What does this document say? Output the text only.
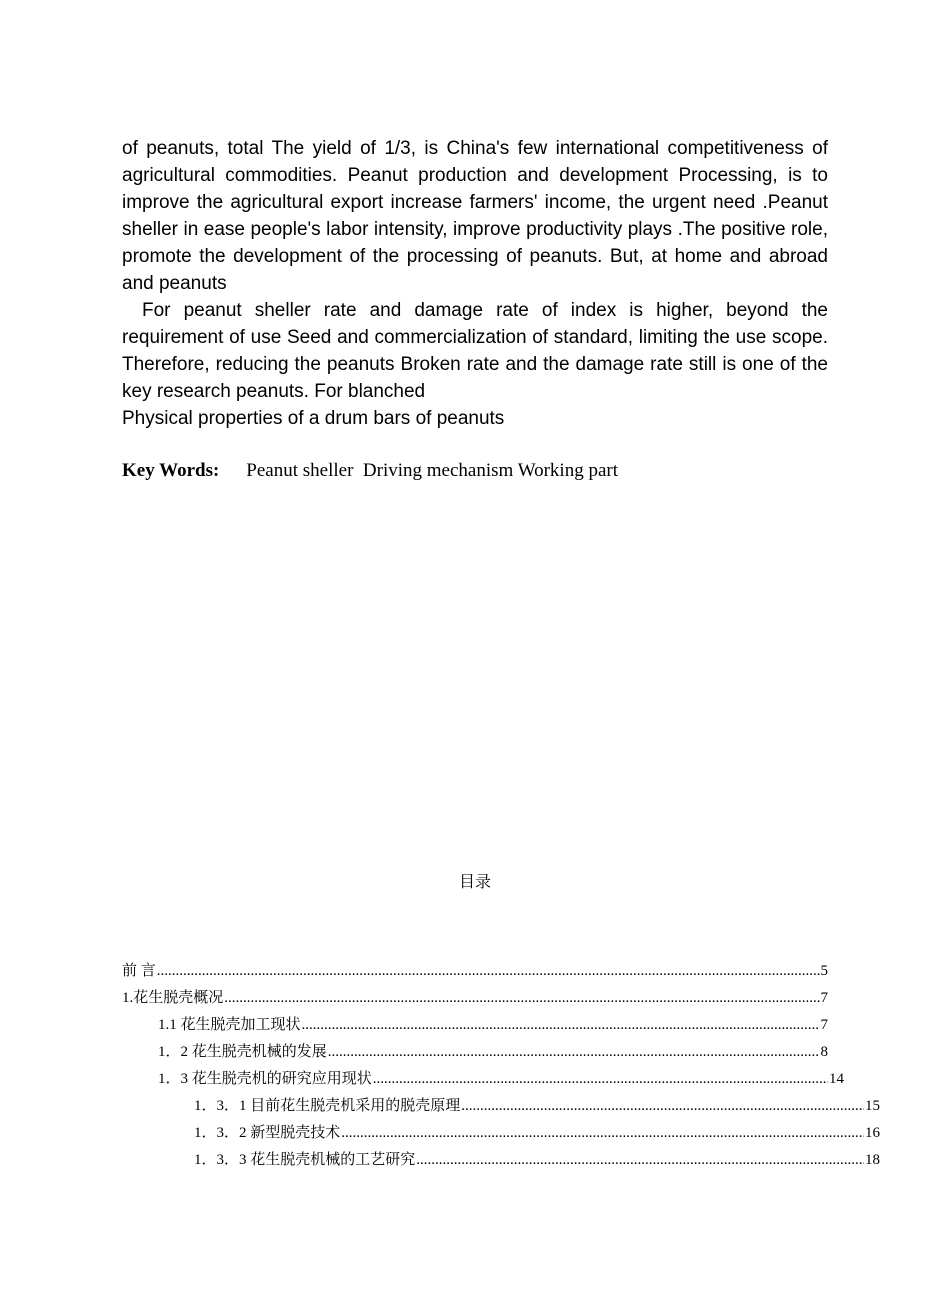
of peanuts, total The yield of 1/3, is China's few international competitiveness of agricultural commodities. Peanut production and development Processing, is to improve the agricultural export increase farmers' income, the urgent need .Peanut sheller in ease people's labor intensity, improve productivity plays .The positive role, promote the development of the processing of peanuts. But, at home and abroad and peanuts

For peanut sheller rate and damage rate of index is higher, beyond the requirement of use Seed and commercialization of standard, limiting the use scope. Therefore, reducing the peanuts Broken rate and the damage rate still is one of the key research peanuts. For blanched

Physical properties of a drum bars of peanuts

Key Words: Peanut sheller  Driving mechanism Working part
目录
前 言 .....	5
1.花生脱壳概况 .....	7
1.1 花生脱壳加工现状 .....	7
1．2 花生脱壳机械的发展 .....	8
1．3 花生脱壳机的研究应用现状 .....	14
1．3．1 目前花生脱壳机采用的脱壳原理 .....	15
1．3．2 新型脱壳技术 .....	16
1．3．3 花生脱壳机械的工艺研究 .....	18
